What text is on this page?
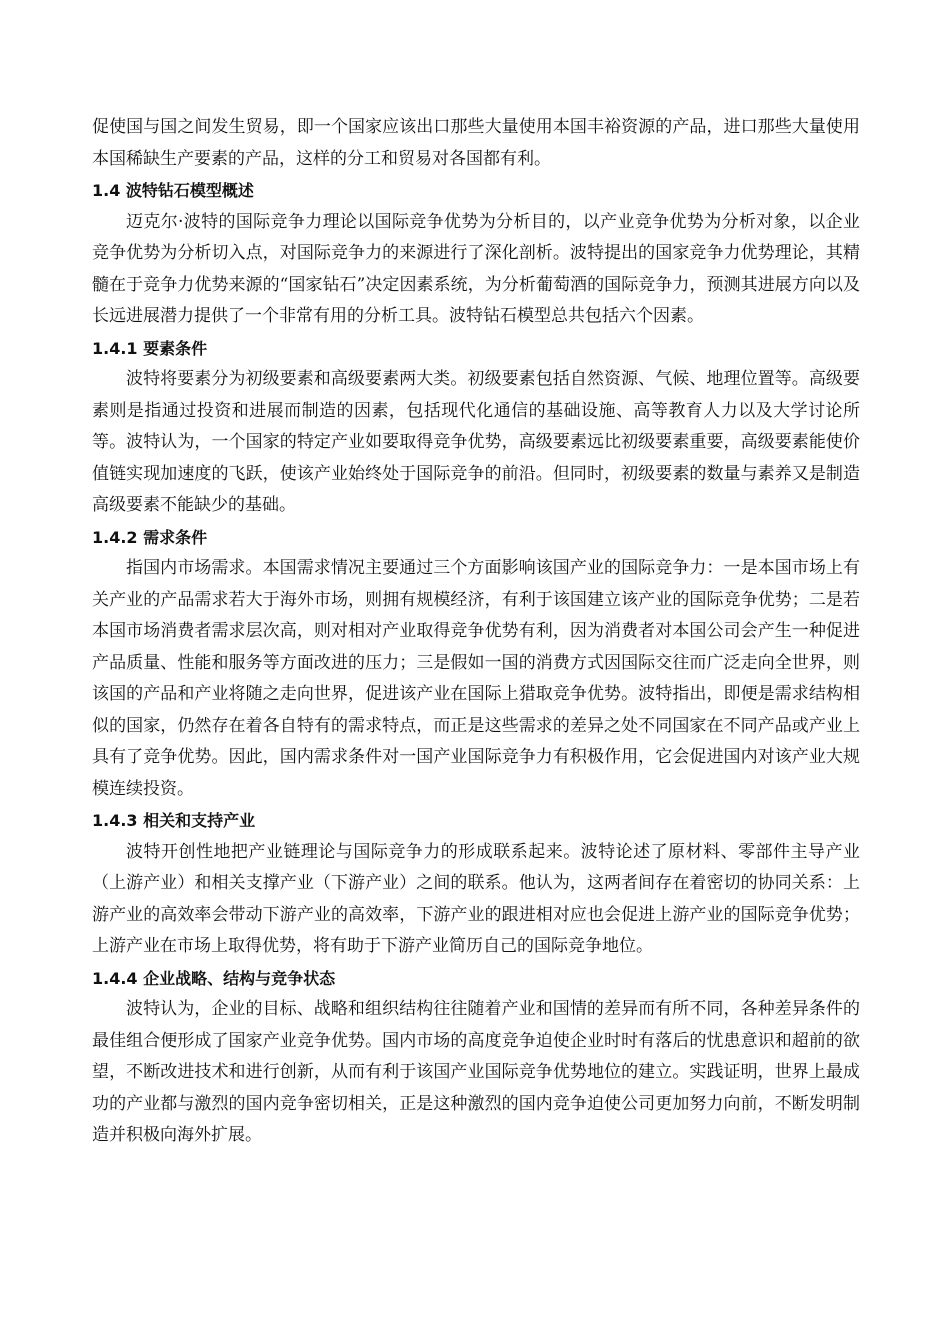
促使国与国之间发生贸易，即一个国家应该出口那些大量使用本国丰裕资源的产品，进口那些大量使用本国稀缺生产要素的产品，这样的分工和贸易对各国都有利。

1.4 波特钻石模型概述

迈克尔·波特的国际竞争力理论以国际竞争优势为分析目的，以产业竞争优势为分析对象，以企业竞争优势为分析切入点，对国际竞争力的来源进行了深化剖析。波特提出的国家竞争力优势理论，其精髓在于竞争力优势来源的“国家钻石”决定因素系统，为分析葡萄酒的国际竞争力，预测其进展方向以及长远进展潜力提供了一个非常有用的分析工具。波特钻石模型总共包括六个因素。

1.4.1 要素条件

波特将要素分为初级要素和高级要素两大类。初级要素包括自然资源、气候、地理位置等。高级要素则是指通过投资和进展而制造的因素，包括现代化通信的基础设施、高等教育人力以及大学讨论所等。波特认为，一个国家的特定产业如要取得竞争优势，高级要素远比初级要素重要，高级要素能使价值链实现加速度的飞跃，使该产业始终处于国际竞争的前沿。但同时，初级要素的数量与素养又是制造高级要素不能缺少的基础。

1.4.2 需求条件

指国内市场需求。本国需求情况主要通过三个方面影响该国产业的国际竞争力：一是本国市场上有关产业的产品需求若大于海外市场，则拥有规模经济，有利于该国建立该产业的国际竞争优势；二是若本国市场消费者需求层次高，则对相对产业取得竞争优势有利，因为消费者对本国公司会产生一种促进产品质量、性能和服务等方面改进的压力；三是假如一国的消费方式因国际交往而广泛走向全世界，则该国的产品和产业将随之走向世界，促进该产业在国际上猎取竞争优势。波特指出，即便是需求结构相似的国家，仍然存在着各自特有的需求特点，而正是这些需求的差异之处不同国家在不同产品或产业上具有了竞争优势。因此，国内需求条件对一国产业国际竞争力有积极作用，它会促进国内对该产业大规模连续投资。

1.4.3 相关和支持产业

波特开创性地把产业链理论与国际竞争力的形成联系起来。波特论述了原材料、零部件主导产业（上游产业）和相关支撑产业（下游产业）之间的联系。他认为，这两者间存在着密切的协同关系：上游产业的高效率会带动下游产业的高效率，下游产业的跟进相对应也会促进上游产业的国际竞争优势；上游产业在市场上取得优势，将有助于下游产业简历自己的国际竞争地位。

1.4.4 企业战略、结构与竞争状态

波特认为，企业的目标、战略和组织结构往往随着产业和国情的差异而有所不同，各种差异条件的最佳组合便形成了国家产业竞争优势。国内市场的高度竞争迫使企业时时有落后的忧患意识和超前的欲望，不断改进技术和进行创新，从而有利于该国产业国际竞争优势地位的建立。实践证明，世界上最成功的产业都与激烈的国内竞争密切相关，正是这种激烈的国内竞争迫使公司更加努力向前，不断发明制造并积极向海外扩展。
